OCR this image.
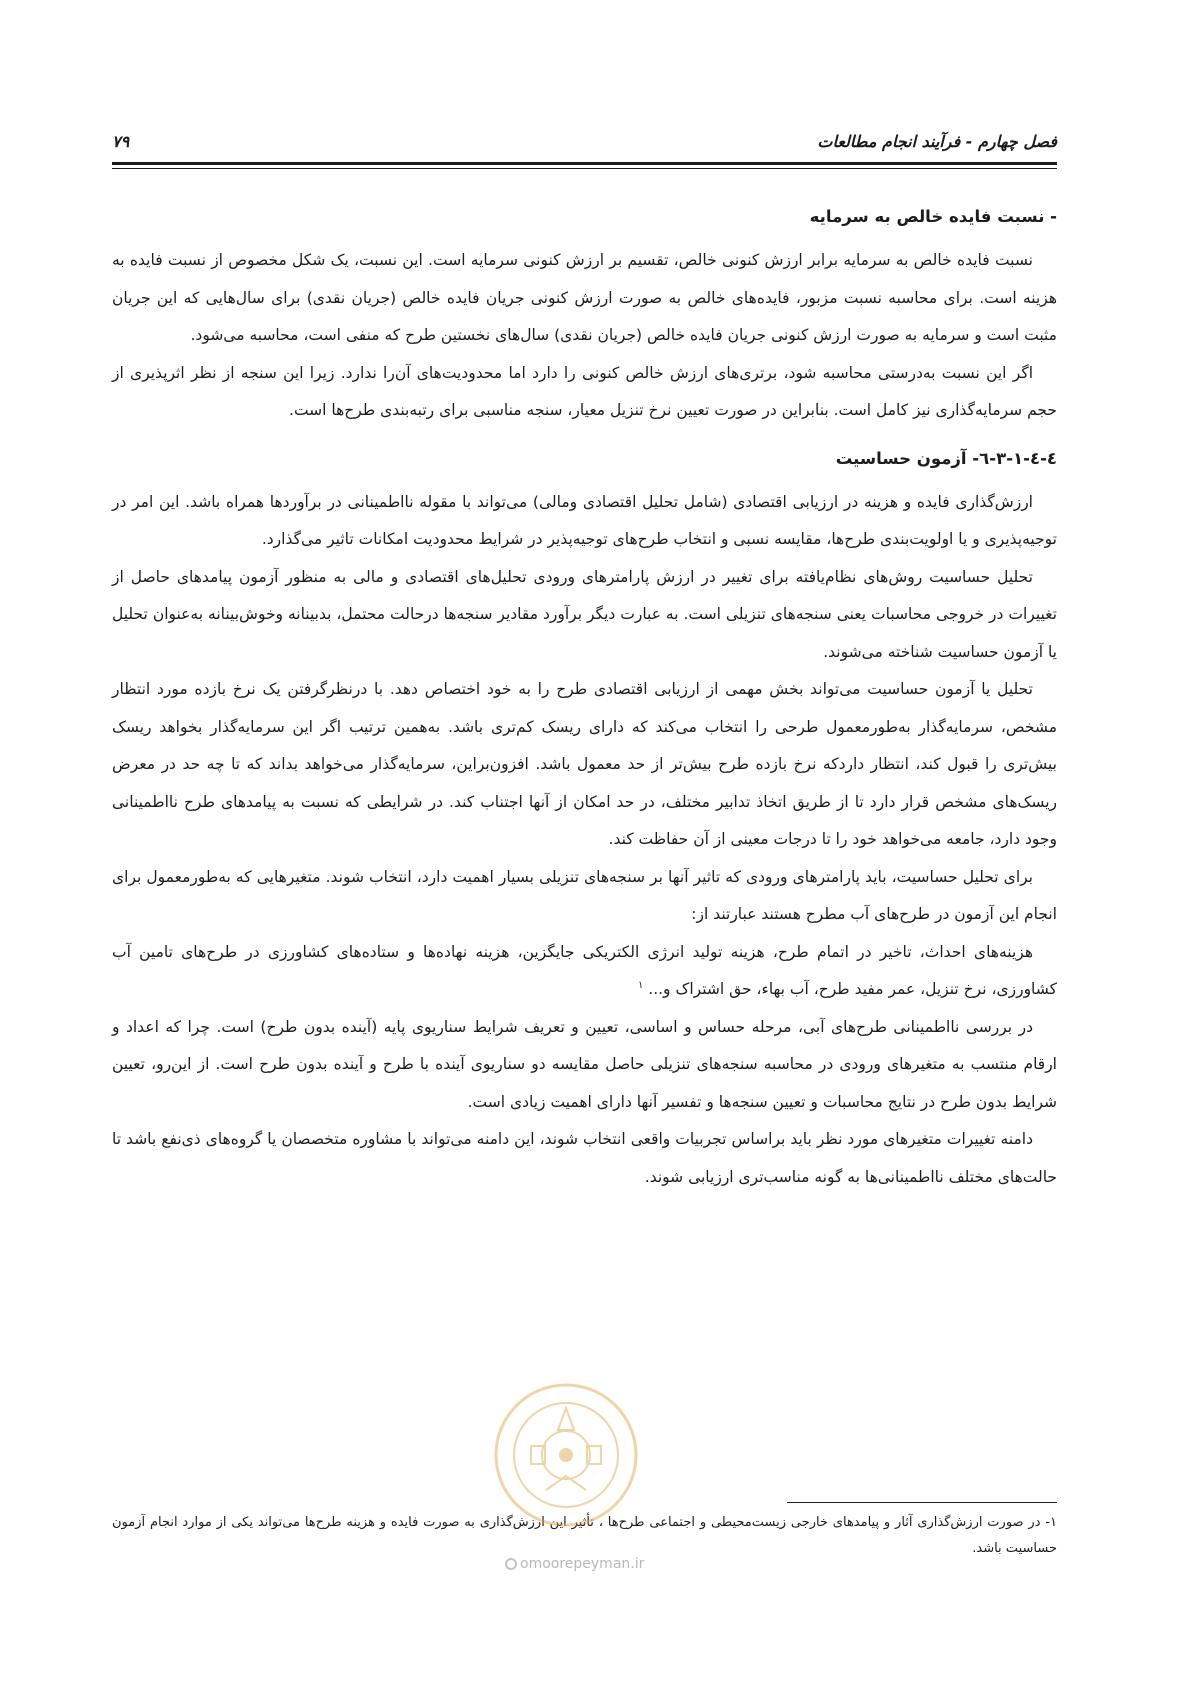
فصل چهارم - فرآیند انجام مطالعات
۷۹
- نسبت فایده خالص به سرمایه

نسبت فایده خالص به سرمایه برابر ارزش کنونی خالص، تقسیم بر ارزش کنونی سرمایه است. این نسبت، یک شکل مخصوص از نسبت فایده به هزینه است. برای محاسبه نسبت مزبور، فایده‌های خالص به صورت ارزش کنونی جریان فایده خالص (جریان نقدی) برای سال‌هایی که این جریان مثبت است و سرمایه به صورت ارزش کنونی جریان فایده خالص (جریان نقدی) سال‌های نخستین طرح که منفی است، محاسبه می‌شود.

اگر این نسبت به‌درستی محاسبه شود، برتری‌های ارزش خالص کنونی را دارد اما محدودیت‌های آن‌را ندارد. زیرا این سنجه از نظر اثرپذیری از حجم سرمایه‌گذاری نیز کامل است. بنابراین در صورت تعیین نرخ تنزیل معیار، سنجه مناسبی برای رتبه‌بندی طرح‌ها است.

٤-٤-١-٣-٦- آزمون حساسیت

ارزش‌گذاری فایده و هزینه در ارزیابی اقتصادی (شامل تحلیل اقتصادی ومالی) می‌تواند با مقوله نااطمینانی در برآوردها همراه باشد. این امر در توجیه‌پذیری و یا اولویت‌بندی طرح‌ها، مقایسه نسبی و انتخاب طرح‌های توجیه‌پذیر در شرایط محدودیت امکانات تاثیر می‌گذارد.

تحلیل حساسیت روش‌های نظام‌یافته برای تغییر در ارزش پارامترهای ورودی تحلیل‌های اقتصادی و مالی به منظور آزمون پیامدهای حاصل از تغییرات در خروجی محاسبات یعنی سنجه‌های تنزیلی است. به عبارت دیگر برآورد مقادیر سنجه‌ها درحالت محتمل، بدبینانه وخوش‌بینانه به‌عنوان تحلیل یا آزمون حساسیت شناخته می‌شوند.

تحلیل یا آزمون حساسیت می‌تواند بخش مهمی از ارزیابی اقتصادی طرح را به خود اختصاص دهد. با درنظرگرفتن یک نرخ بازده مورد انتظار مشخص، سرمایه‌گذار به‌طورمعمول طرحی را انتخاب می‌کند که دارای ریسک کم‌تری باشد. به‌همین ترتیب اگر این سرمایه‌گذار بخواهد ریسک بیش‌تری را قبول کند، انتظار داردکه نرخ بازده طرح بیش‌تر از حد معمول باشد. افزون‌براین، سرمایه‌گذار می‌خواهد بداند که تا چه حد در معرض ریسک‌های مشخص قرار دارد تا از طریق اتخاذ تدابیر مختلف، در حد امکان از آنها اجتناب کند. در شرایطی که نسبت به پیامدهای طرح نااطمینانی وجود دارد، جامعه می‌خواهد خود را تا درجات معینی از آن حفاظت کند.

برای تحلیل حساسیت، باید پارامترهای ورودی که تاثیر آنها بر سنجه‌های تنزیلی بسیار اهمیت دارد، انتخاب شوند. متغیرهایی که به‌طورمعمول برای انجام این آزمون در طرح‌های آب مطرح هستند عبارتند از:

هزینه‌های احداث، تاخیر در اتمام طرح، هزینه تولید انرژی الکتریکی جایگزین، هزینه نهاده‌ها و ستاده‌های کشاورزی در طرح‌های تامین آب کشاورزی، نرخ تنزیل، عمر مفید طرح، آب بهاء، حق اشتراک و... $^١$

در بررسی نااطمینانی طرح‌های آبی، مرحله حساس و اساسی، تعیین و تعریف شرایط سناریوی پایه (آینده بدون طرح) است. چرا که اعداد و ارقام منتسب به متغیرهای ورودی در محاسبه سنجه‌های تنزیلی حاصل مقایسه دو سناریوی آینده با طرح و آینده بدون طرح است. از این‌رو، تعیین شرایط بدون طرح در نتایج محاسبات و تعیین سنجه‌ها و تفسیر آنها دارای اهمیت زیادی است.

دامنه تغییرات متغیرهای مورد نظر باید براساس تجربیات واقعی انتخاب شوند، این دامنه می‌تواند با مشاوره متخصصان یا گروه‌های ذی‌نفع باشد تا حالت‌های مختلف نااطمینانی‌ها به گونه مناسب‌تری ارزیابی شوند.

١- در صورت ارزش‌گذاری آثار و پیامدهای خارجی زیست‌محیطی و اجتماعی طرح‌ها ، تأثیر این ارزش‌گذاری به صورت فایده و هزینه طرح‌ها می‌تواند یکی از موارد انجام آزمون حساسیت باشد.

omoorepeyman.ir
